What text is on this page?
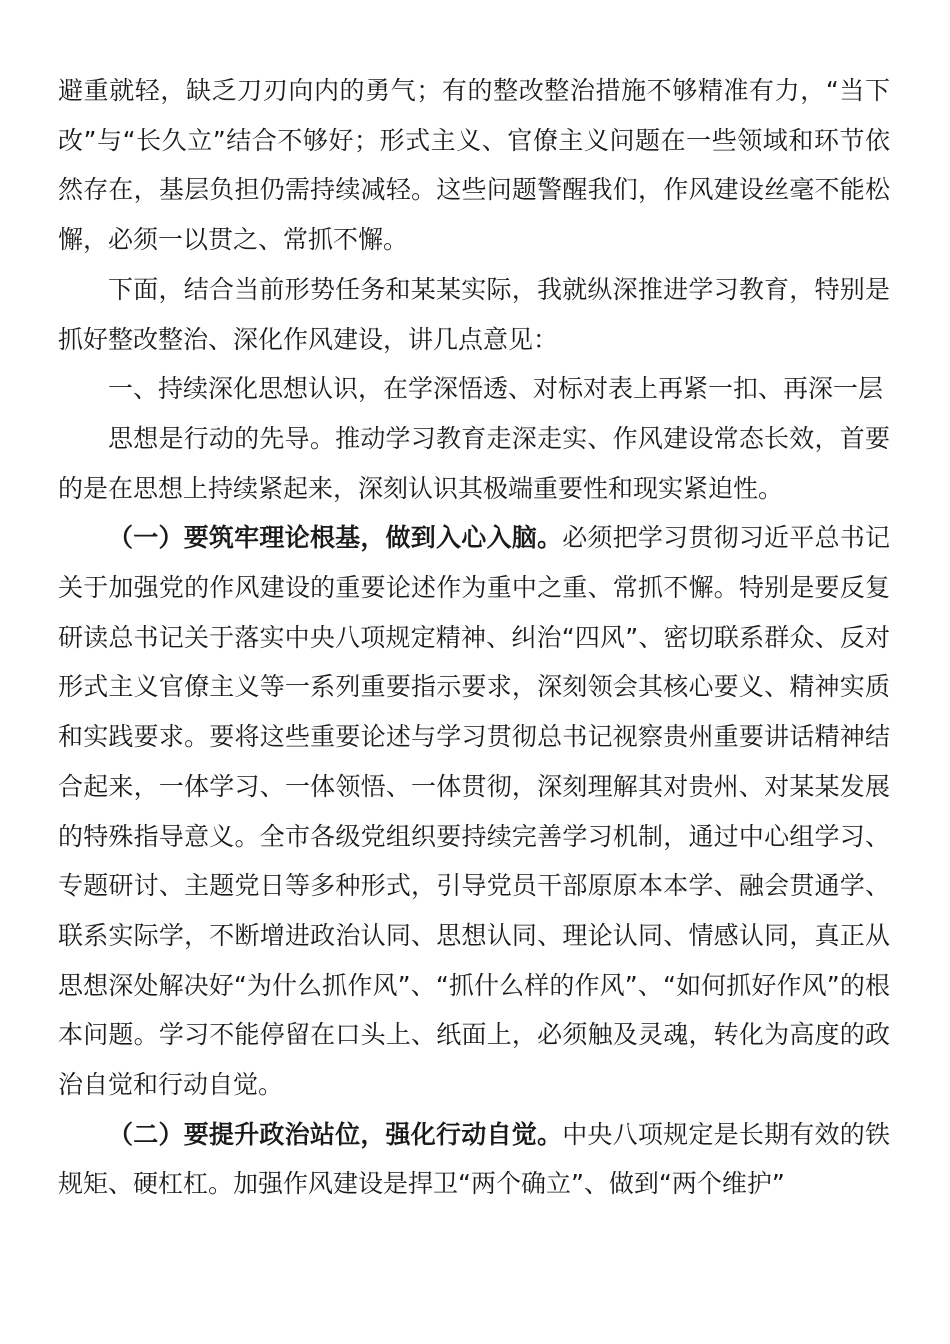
避重就轻，缺乏刀刃向内的勇气；有的整改整治措施不够精准有力，“当下改”与“长久立”结合不够好；形式主义、官僚主义问题在一些领域和环节依然存在，基层负担仍需持续减轻。这些问题警醒我们，作风建设丝毫不能松懈，必须一以贯之、常抓不懈。

下面，结合当前形势任务和某某实际，我就纵深推进学习教育，特别是抓好整改整治、深化作风建设，讲几点意见：

一、持续深化思想认识，在学深悟透、对标对表上再紧一扣、再深一层

思想是行动的先导。推动学习教育走深走实、作风建设常态长效，首要的是在思想上持续紧起来，深刻认识其极端重要性和现实紧迫性。

（一）要筑牢理论根基，做到入心入脑。必须把学习贯彻习近平总书记关于加强党的作风建设的重要论述作为重中之重、常抓不懈。特别是要反复研读总书记关于落实中央八项规定精神、纠治“四风”、密切联系群众、反对形式主义官僚主义等一系列重要指示要求，深刻领会其核心要义、精神实质和实践要求。要将这些重要论述与学习贯彻总书记视察贵州重要讲话精神结合起来，一体学习、一体领悟、一体贯彻，深刻理解其对贵州、对某某发展的特殊指导意义。全市各级党组织要持续完善学习机制，通过中心组学习、专题研讨、主题党日等多种形式，引导党员干部原原本本学、融会贯通学、联系实际学，不断增进政治认同、思想认同、理论认同、情感认同，真正从思想深处解决好“为什么抓作风”、“抓什么样的作风”、“如何抓好作风”的根本问题。学习不能停留在口头上、纸面上，必须触及灵魂，转化为高度的政治自觉和行动自觉。

（二）要提升政治站位，强化行动自觉。中央八项规定是长期有效的铁规矩、硬杠杠。加强作风建设是捍卫“两个确立”、做到“两个维护”
